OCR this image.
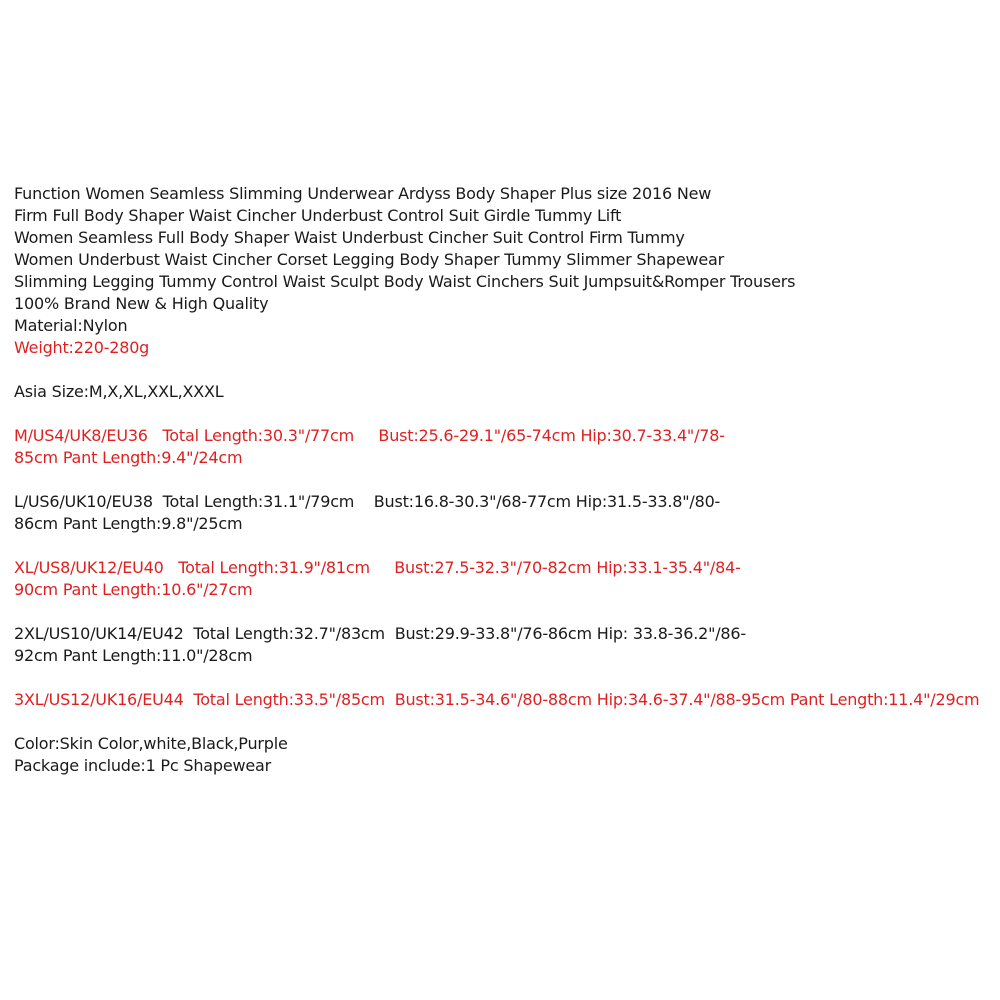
Function Women Seamless Slimming Underwear Ardyss Body Shaper Plus size 2016 New
Firm Full Body Shaper Waist Cincher Underbust Control Suit Girdle Tummy Lift
Women Seamless Full Body Shaper Waist Underbust Cincher Suit Control Firm Tummy
Women Underbust Waist Cincher Corset Legging Body Shaper Tummy Slimmer Shapewear
Slimming Legging Tummy Control Waist Sculpt Body Waist Cinchers Suit Jumpsuit&Romper Trousers
100% Brand New & High Quality
Material:Nylon
Weight:220-280g
Asia Size:M,X,XL,XXL,XXXL
M/US4/UK8/EU36   Total Length:30.3"/77cm     Bust:25.6-29.1"/65-74cm Hip:30.7-33.4"/78-
85cm Pant Length:9.4"/24cm
L/US6/UK10/EU38  Total Length:31.1"/79cm    Bust:16.8-30.3"/68-77cm Hip:31.5-33.8"/80-
86cm Pant Length:9.8"/25cm
XL/US8/UK12/EU40   Total Length:31.9"/81cm     Bust:27.5-32.3"/70-82cm Hip:33.1-35.4"/84-
90cm Pant Length:10.6"/27cm
2XL/US10/UK14/EU42  Total Length:32.7"/83cm  Bust:29.9-33.8"/76-86cm Hip: 33.8-36.2"/86-
92cm Pant Length:11.0"/28cm
3XL/US12/UK16/EU44  Total Length:33.5"/85cm  Bust:31.5-34.6"/80-88cm Hip:34.6-37.4"/88-95cm Pant Length:11.4"/29cm
Color:Skin Color,white,Black,Purple
Package include:1 Pc Shapewear
